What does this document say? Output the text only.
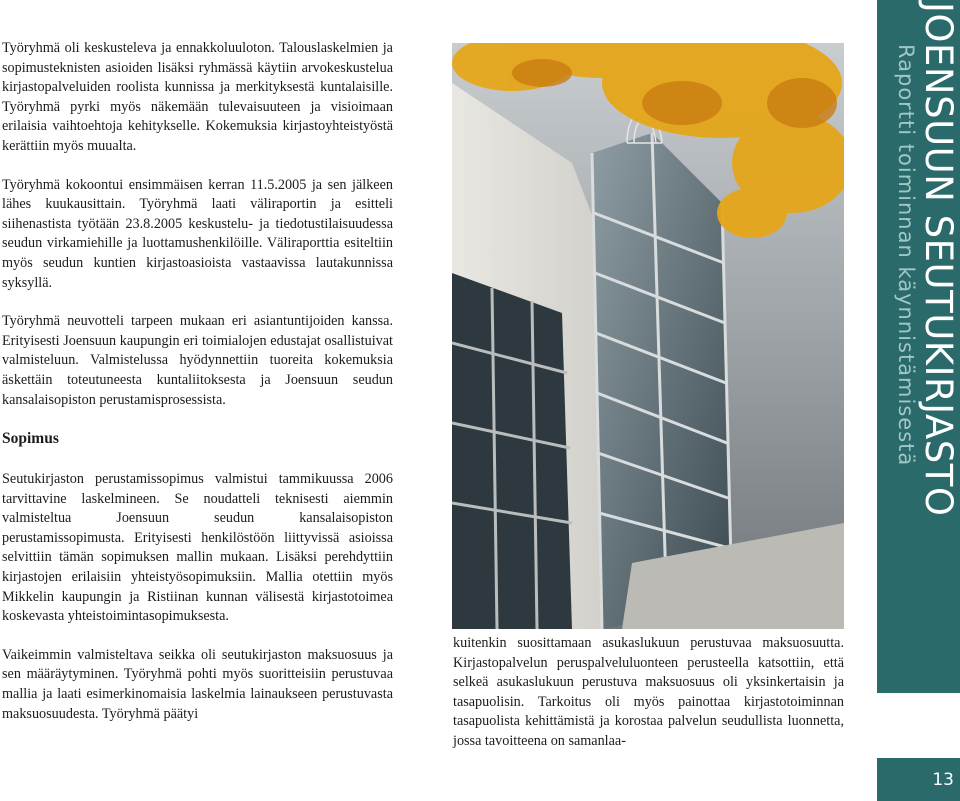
Työryhmä oli keskusteleva ja ennakkoluuloton. Talouslaskelmien ja sopimusteknisten asioiden lisäksi ryhmässä käytiin arvokeskustelua kirjastopalveluiden roolista kunnissa ja merkityksestä kuntalaisille. Työryhmä pyrki myös näkemään tulevaisuuteen ja visioimaan erilaisia vaihtoehtoja kehitykselle. Kokemuksia kirjastoyhteistyöstä kerättiin myös muualta.

Työryhmä kokoontui ensimmäisen kerran 11.5.2005 ja sen jälkeen lähes kuukausittain. Työryhmä laati väliraportin ja esitteli siihenastista työtään 23.8.2005 keskustelu- ja tiedotustilaisuudessa seudun virkamiehille ja luottamushenkilöille. Väliraporttia esiteltiin myös seudun kuntien kirjastoasioista vastaavissa lautakunnissa syksyllä.

Työryhmä neuvotteli tarpeen mukaan eri asiantuntijoiden kanssa. Erityisesti Joensuun kaupungin eri toimialojen edustajat osallistuivat valmisteluun. Valmistelussa hyödynnettiin tuoreita kokemuksia äskettäin toteutuneesta kuntaliitoksesta ja Joensuun seudun kansalaisopiston perustamisprosessista.

Sopimus

Seutukirjaston perustamissopimus valmistui tammikuussa 2006 tarvittavine laskelmineen. Se noudatteli teknisesti aiemmin valmisteltua Joensuun seudun kansalaisopiston perustamissopimusta. Erityisesti henkilöstöön liittyvissä asioissa selvittiin tämän sopimuksen mallin mukaan. Lisäksi perehdyttiin kirjastojen erilaisiin yhteistyösopimuksiin. Mallia otettiin myös Mikkelin kaupungin ja Ristiinan kunnan välisestä kirjastotoimea koskevasta yhteistoimintasopimuksesta.

Vaikeimmin valmisteltava seikka oli seutukirjaston maksuosuus ja sen määräytyminen. Työryhmä pohti myös suoritteisiin perustuvaa mallia ja laati esimerkinomaisia laskelmia lainaukseen perustuvasta maksuosuudesta. Työryhmä päätyi

kuitenkin suosittamaan asukaslukuun perustuvaa maksuosuutta. Kirjastopalvelun peruspalveluluonteen perusteella katsottiin, että selkeä asukaslukuun perustuva maksuosuus oli yksinkertaisin ja tasapuolisin. Tarkoitus oli myös painottaa kirjastotoiminnan tasapuolista kehittämistä ja korostaa palvelun seudullista luonnetta, jossa tavoitteena on samanlaa-

JOENSUUN SEUTUKIRJASTO
Raportti toiminnan käynnistämisestä
13
